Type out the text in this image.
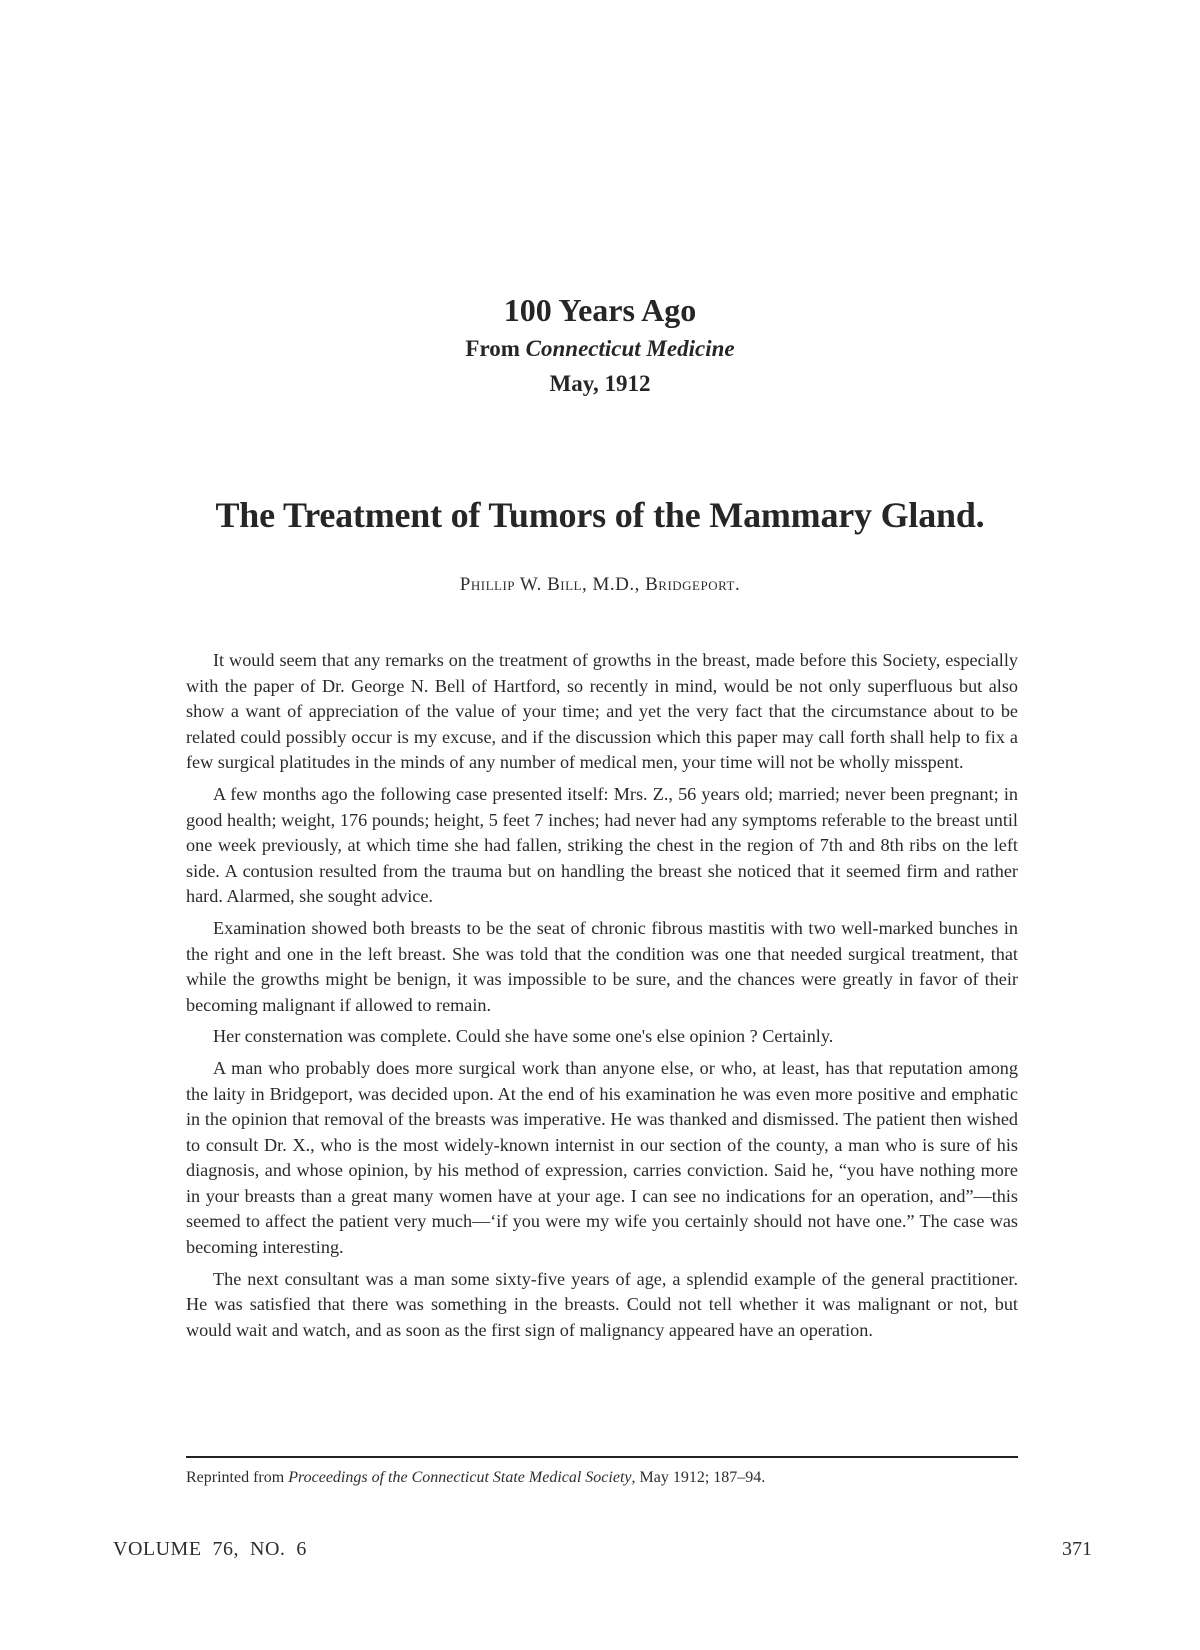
100 Years Ago
From Connecticut Medicine
May, 1912
The Treatment of Tumors of the Mammary Gland.
Phillip W. Bill, M.D., Bridgeport.

It would seem that any remarks on the treatment of growths in the breast, made before this Society, especially with the paper of Dr. George N. Bell of Hartford, so recently in mind, would be not only superfluous but also show a want of appreciation of the value of your time; and yet the very fact that the circumstance about to be related could possibly occur is my excuse, and if the discussion which this paper may call forth shall help to fix a few surgical platitudes in the minds of any number of medical men, your time will not be wholly misspent.

A few months ago the following case presented itself: Mrs. Z., 56 years old; married; never been pregnant; in good health; weight, 176 pounds; height, 5 feet 7 inches; had never had any symptoms referable to the breast until one week previously, at which time she had fallen, striking the chest in the region of 7th and 8th ribs on the left side. A contusion resulted from the trauma but on handling the breast she noticed that it seemed firm and rather hard. Alarmed, she sought advice.

Examination showed both breasts to be the seat of chronic fibrous mastitis with two well-marked bunches in the right and one in the left breast. She was told that the condition was one that needed surgical treatment, that while the growths might be benign, it was impossible to be sure, and the chances were greatly in favor of their becoming malignant if allowed to remain.

Her consternation was complete. Could she have some one's else opinion ? Certainly.

A man who probably does more surgical work than anyone else, or who, at least, has that reputation among the laity in Bridgeport, was decided upon. At the end of his examination he was even more positive and emphatic in the opinion that removal of the breasts was imperative. He was thanked and dismissed. The patient then wished to consult Dr. X., who is the most widely-known internist in our section of the county, a man who is sure of his diagnosis, and whose opinion, by his method of expression, carries conviction. Said he, “you have nothing more in your breasts than a great many women have at your age. I can see no indications for an operation, and”—this seemed to affect the patient very much—‘if you were my wife you certainly should not have one.” The case was becoming interesting.

The next consultant was a man some sixty-five years of age, a splendid example of the general practitioner. He was satisfied that there was something in the breasts. Could not tell whether it was malignant or not, but would wait and watch, and as soon as the first sign of malignancy appeared have an operation.

Reprinted from Proceedings of the Connecticut State Medical Society, May 1912; 187–94.
VOLUME  76,  NO.  6	371
